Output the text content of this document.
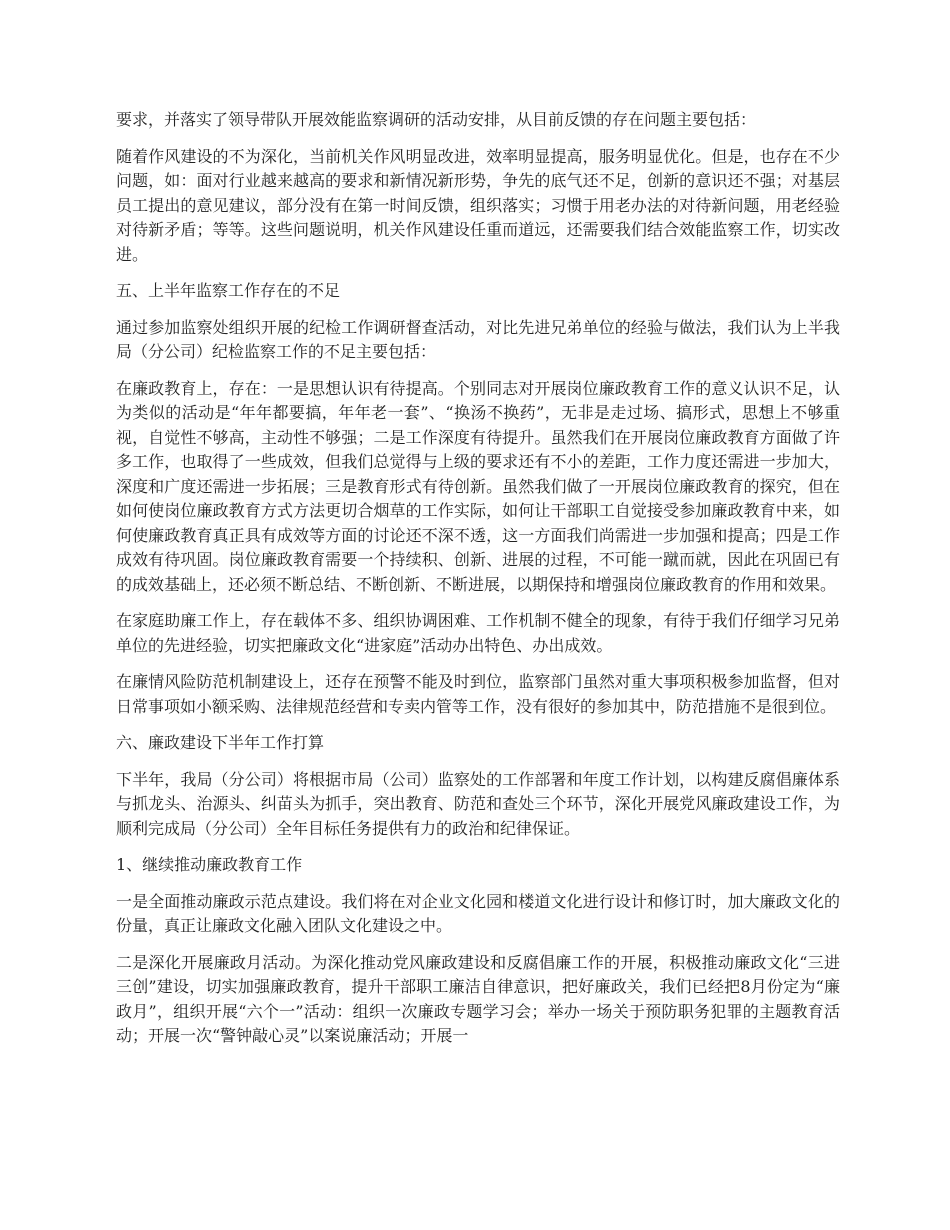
要求，并落实了领导带队开展效能监察调研的活动安排，从目前反馈的存在问题主要包括：

随着作风建设的不为深化，当前机关作风明显改进，效率明显提高，服务明显优化。但是，也存在不少问题，如：面对行业越来越高的要求和新情况新形势，争先的底气还不足，创新的意识还不强；对基层员工提出的意见建议，部分没有在第一时间反馈，组织落实；习惯于用老办法的对待新问题，用老经验对待新矛盾；等等。这些问题说明，机关作风建设任重而道远，还需要我们结合效能监察工作，切实改进。

五、上半年监察工作存在的不足

通过参加监察处组织开展的纪检工作调研督查活动，对比先进兄弟单位的经验与做法，我们认为上半我局（分公司）纪检监察工作的不足主要包括：

在廉政教育上，存在：一是思想认识有待提高。个别同志对开展岗位廉政教育工作的意义认识不足，认为类似的活动是“年年都要搞，年年老一套”、“换汤不换药”，无非是走过场、搞形式，思想上不够重视，自觉性不够高，主动性不够强；二是工作深度有待提升。虽然我们在开展岗位廉政教育方面做了许多工作，也取得了一些成效，但我们总觉得与上级的要求还有不小的差距，工作力度还需进一步加大，深度和广度还需进一步拓展；三是教育形式有待创新。虽然我们做了一开展岗位廉政教育的探究，但在如何使岗位廉政教育方式方法更切合烟草的工作实际，如何让干部职工自觉接受参加廉政教育中来，如何使廉政教育真正具有成效等方面的讨论还不深不透，这一方面我们尚需进一步加强和提高；四是工作成效有待巩固。岗位廉政教育需要一个持续积、创新、进展的过程，不可能一蹴而就，因此在巩固已有的成效基础上，还必须不断总结、不断创新、不断进展，以期保持和增强岗位廉政教育的作用和效果。

在家庭助廉工作上，存在载体不多、组织协调困难、工作机制不健全的现象，有待于我们仔细学习兄弟单位的先进经验，切实把廉政文化“进家庭”活动办出特色、办出成效。

在廉情风险防范机制建设上，还存在预警不能及时到位，监察部门虽然对重大事项积极参加监督，但对日常事项如小额采购、法律规范经营和专卖内管等工作，没有很好的参加其中，防范措施不是很到位。

六、廉政建设下半年工作打算

下半年，我局（分公司）将根据市局（公司）监察处的工作部署和年度工作计划，以构建反腐倡廉体系与抓龙头、治源头、纠苗头为抓手，突出教育、防范和查处三个环节，深化开展党风廉政建设工作，为顺利完成局（分公司）全年目标任务提供有力的政治和纪律保证。

1、继续推动廉政教育工作

一是全面推动廉政示范点建设。我们将在对企业文化园和楼道文化进行设计和修订时，加大廉政文化的份量，真正让廉政文化融入团队文化建设之中。

二是深化开展廉政月活动。为深化推动党风廉政建设和反腐倡廉工作的开展，积极推动廉政文化“三进三创”建设，切实加强廉政教育，提升干部职工廉洁自律意识，把好廉政关，我们已经把8月份定为“廉政月”，组织开展“六个一”活动：组织一次廉政专题学习会；举办一场关于预防职务犯罪的主题教育活动；开展一次“警钟敲心灵”以案说廉活动；开展一
